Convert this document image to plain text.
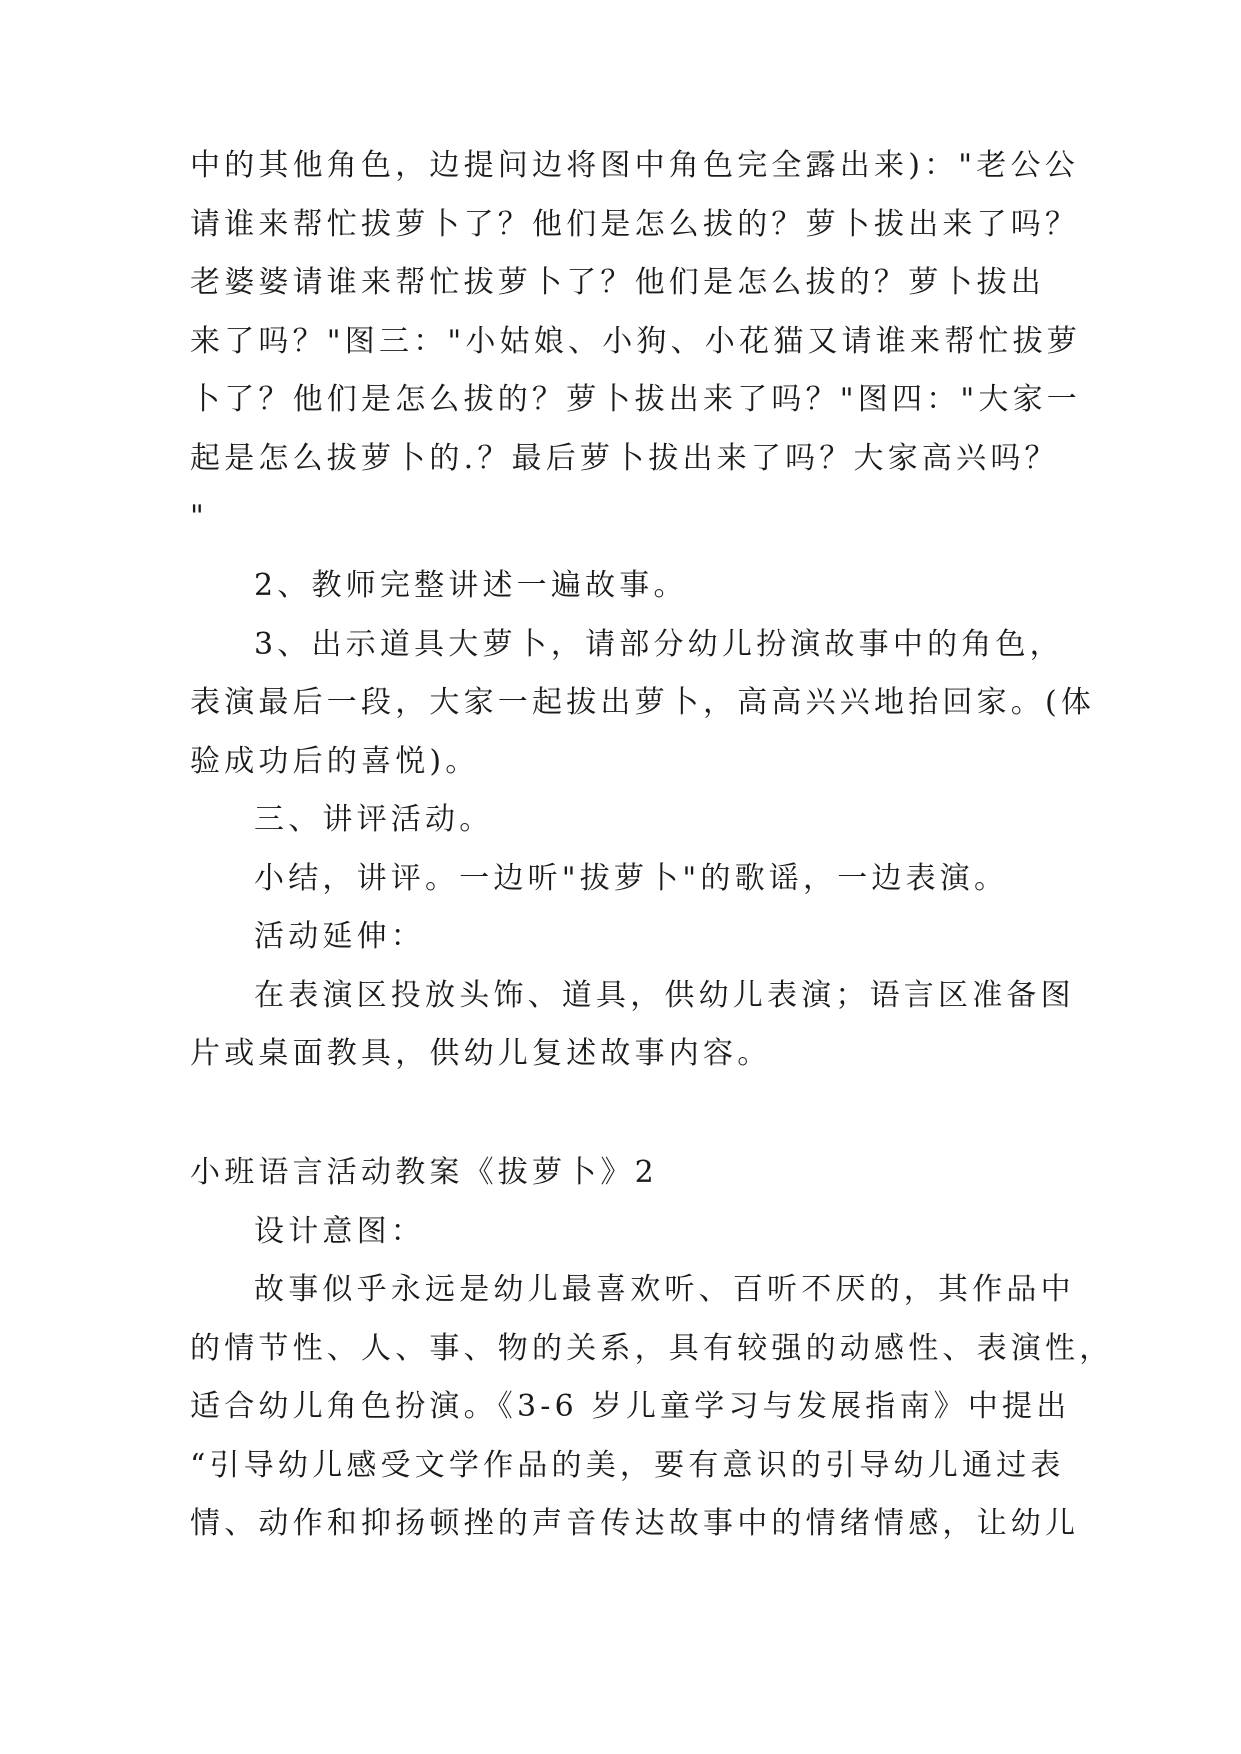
中的其他角色，边提问边将图中角色完全露出来)："老公公
请谁来帮忙拔萝卜了？他们是怎么拔的？萝卜拔出来了吗？
老婆婆请谁来帮忙拔萝卜了？他们是怎么拔的？萝卜拔出
来了吗？"图三："小姑娘、小狗、小花猫又请谁来帮忙拔萝
卜了？他们是怎么拔的？萝卜拔出来了吗？"图四："大家一
起是怎么拔萝卜的.？最后萝卜拔出来了吗？大家高兴吗？
"

2、教师完整讲述一遍故事。

3、出示道具大萝卜，请部分幼儿扮演故事中的角色，
表演最后一段，大家一起拔出萝卜，高高兴兴地抬回家。(体
验成功后的喜悦)。

三、讲评活动。

小结，讲评。一边听"拔萝卜"的歌谣，一边表演。

活动延伸：

在表演区投放头饰、道具，供幼儿表演；语言区准备图
片或桌面教具，供幼儿复述故事内容。

小班语言活动教案《拔萝卜》2

设计意图：

故事似乎永远是幼儿最喜欢听、百听不厌的，其作品中
的情节性、人、事、物的关系，具有较强的动感性、表演性，
适合幼儿角色扮演。《3-6 岁儿童学习与发展指南》中提出
“引导幼儿感受文学作品的美，要有意识的引导幼儿通过表
情、动作和抑扬顿挫的声音传达故事中的情绪情感，让幼儿
